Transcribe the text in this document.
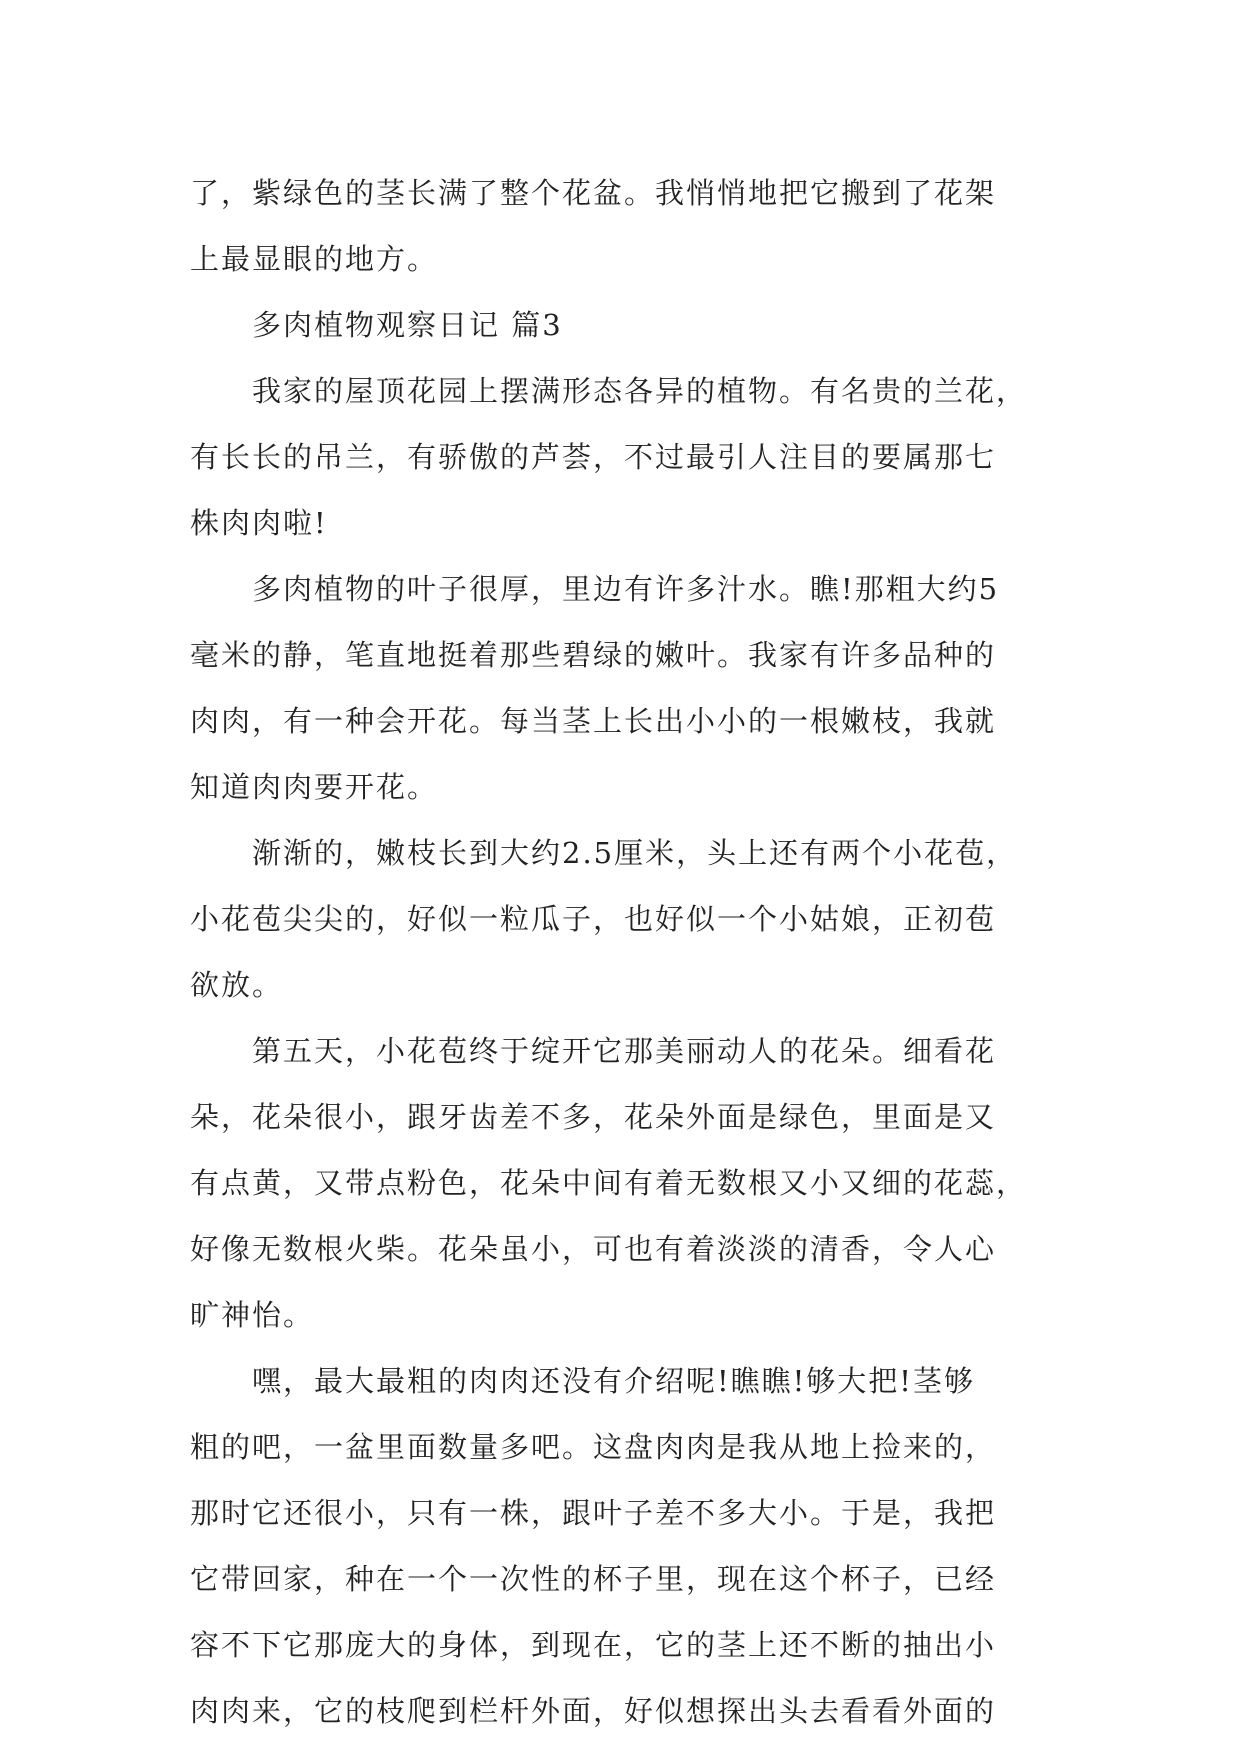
了，紫绿色的茎长满了整个花盆。我悄悄地把它搬到了花架
上最显眼的地方。
多肉植物观察日记 篇3
我家的屋顶花园上摆满形态各异的植物。有名贵的兰花，
有长长的吊兰，有骄傲的芦荟，不过最引人注目的要属那七
株肉肉啦!
多肉植物的叶子很厚，里边有许多汁水。瞧!那粗大约5
毫米的静，笔直地挺着那些碧绿的嫩叶。我家有许多品种的
肉肉，有一种会开花。每当茎上长出小小的一根嫩枝，我就
知道肉肉要开花。
渐渐的，嫩枝长到大约2.5厘米，头上还有两个小花苞，
小花苞尖尖的，好似一粒瓜子，也好似一个小姑娘，正初苞
欲放。
第五天，小花苞终于绽开它那美丽动人的花朵。细看花
朵，花朵很小，跟牙齿差不多，花朵外面是绿色，里面是又
有点黄，又带点粉色，花朵中间有着无数根又小又细的花蕊，
好像无数根火柴。花朵虽小，可也有着淡淡的清香，令人心
旷神怡。
嘿，最大最粗的肉肉还没有介绍呢!瞧瞧!够大把!茎够
粗的吧，一盆里面数量多吧。这盘肉肉是我从地上捡来的，
那时它还很小，只有一株，跟叶子差不多大小。于是，我把
它带回家，种在一个一次性的杯子里，现在这个杯子，已经
容不下它那庞大的身体，到现在，它的茎上还不断的抽出小
肉肉来，它的枝爬到栏杆外面，好似想探出头去看看外面的
